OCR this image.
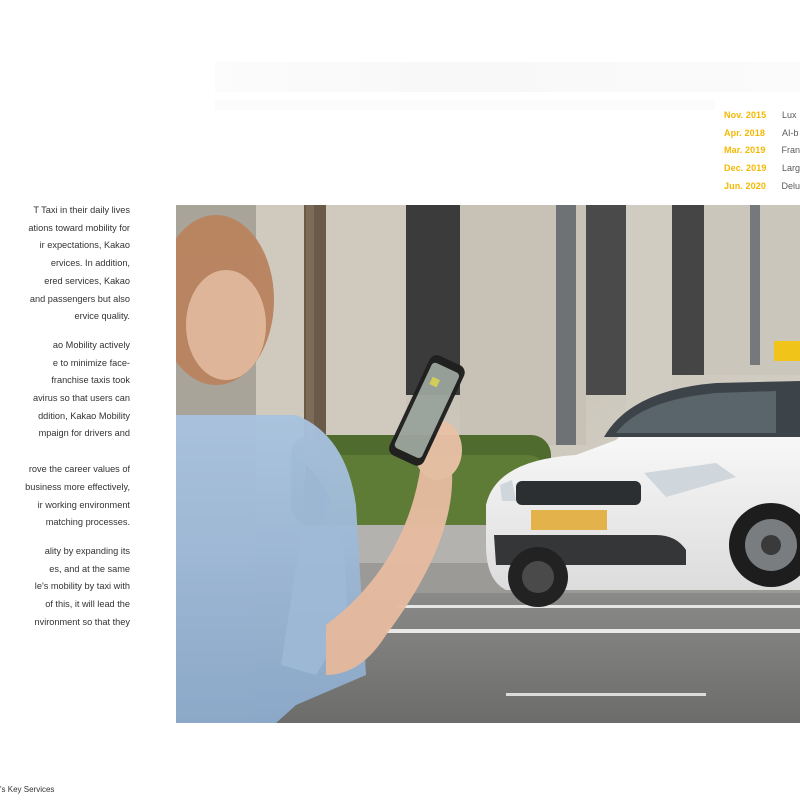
Nov. 2015	Lux
Apr. 2018	AI-b
Mar. 2019	Fran
Dec. 2019	Larg
Jun. 2020	Delu

T Taxi in their daily lives
ations toward mobility for
ir expectations, Kakao
ervices. In addition,
ered services, Kakao
and passengers but also
ervice quality.

ao Mobility actively
e to minimize face-
franchise taxis took
avirus so that users can
ddition, Kakao Mobility
mpaign for drivers and

rove the career values of
business more effectively,
ir working environment
matching processes.

ality by expanding its
es, and at the same
le's mobility by taxi with
of this, it will lead the
nvironment so that they

's Key Services
